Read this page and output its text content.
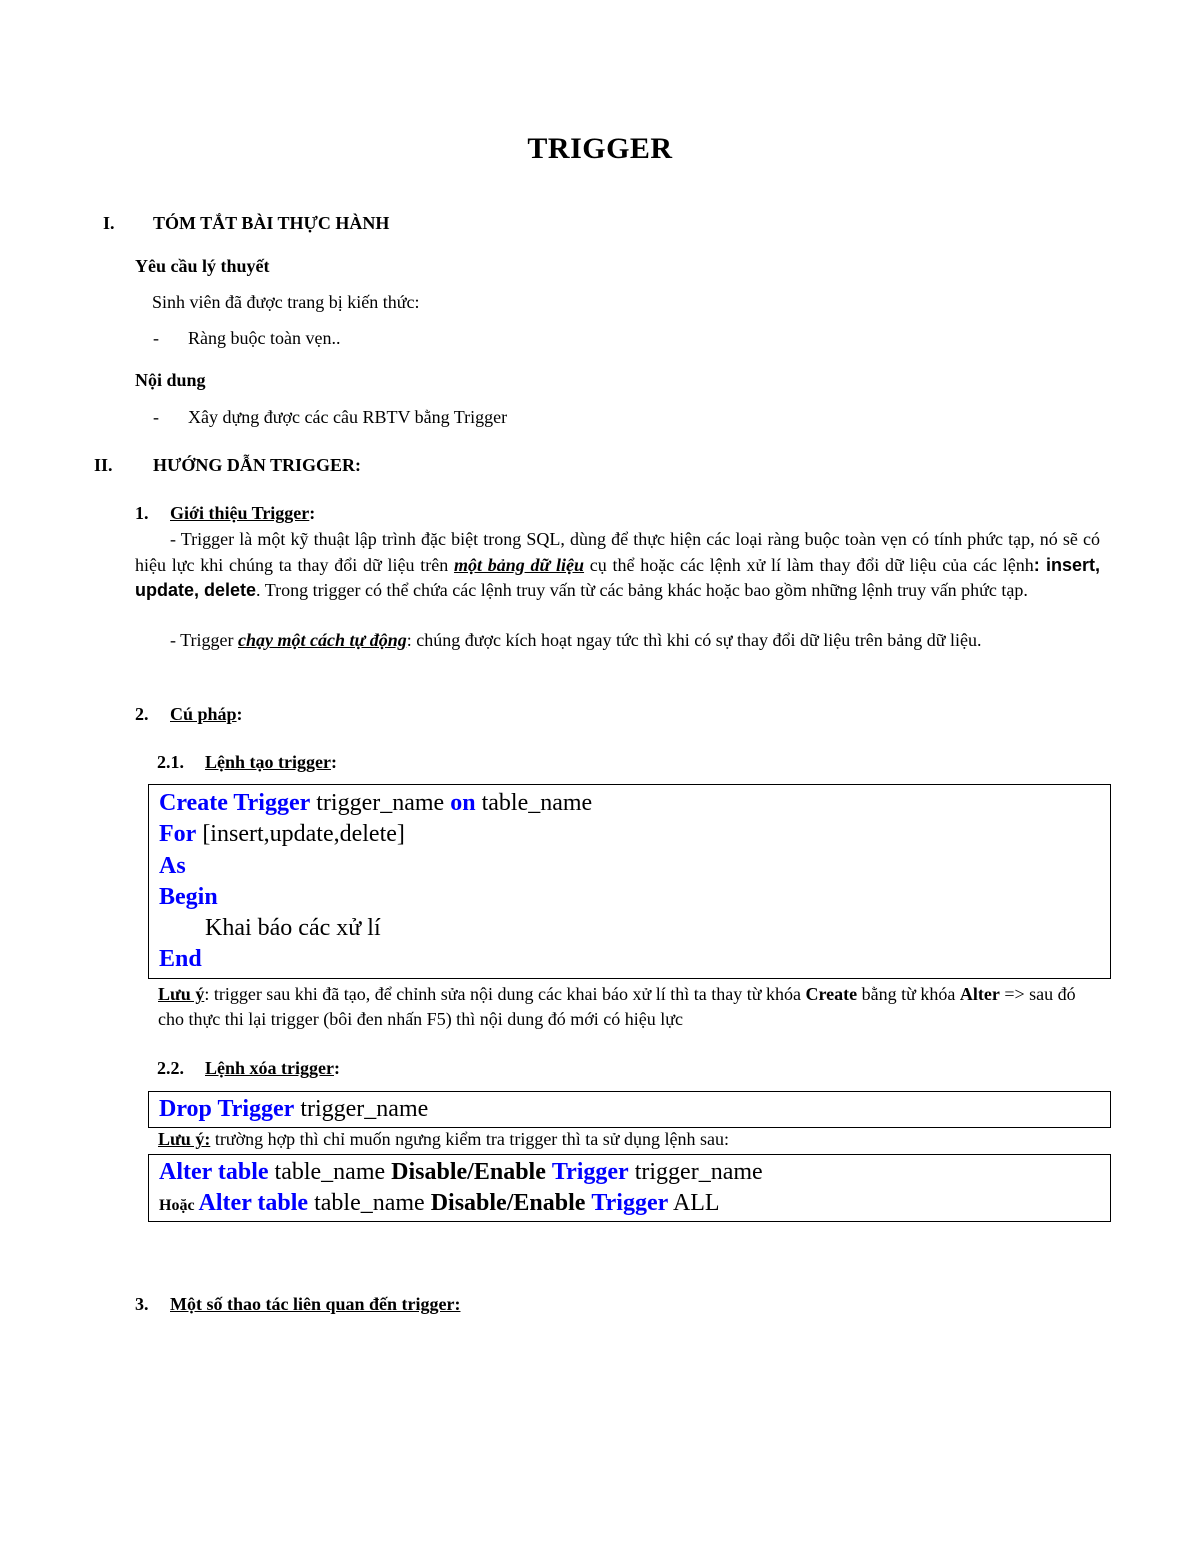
TRIGGER
I. TÓM TẮT BÀI THỰC HÀNH
Yêu cầu lý thuyết
Sinh viên đã được trang bị kiến thức:
- Ràng buộc toàn vẹn..
Nội dung
- Xây dựng được các câu RBTV bằng Trigger
II. HƯỚNG DẪN TRIGGER:
1. Giới thiệu Trigger:
- Trigger là một kỹ thuật lập trình đặc biệt trong SQL, dùng để thực hiện các loại ràng buộc toàn vẹn có tính phức tạp, nó sẽ có hiệu lực khi chúng ta thay đổi dữ liệu trên một bảng dữ liệu cụ thể hoặc các lệnh xử lí làm thay đổi dữ liệu của các lệnh: insert, update, delete. Trong trigger có thể chứa các lệnh truy vấn từ các bảng khác hoặc bao gồm những lệnh truy vấn phức tạp.
- Trigger chạy một cách tự động: chúng được kích hoạt ngay tức thì khi có sự thay đổi dữ liệu trên bảng dữ liệu.
2. Cú pháp:
2.1. Lệnh tạo trigger:
Create Trigger trigger_name on table_name
For [insert,update,delete]
As
Begin
Khai báo các xử lí
End
Lưu ý: trigger sau khi đã tạo, để chỉnh sửa nội dung các khai báo xử lí thì ta thay từ khóa Create bằng từ khóa Alter => sau đó cho thực thi lại trigger (bôi đen nhấn F5) thì nội dung đó mới có hiệu lực
2.2. Lệnh xóa trigger:
Drop Trigger trigger_name
Lưu ý: trường hợp thì chỉ muốn ngưng kiểm tra trigger thì ta sử dụng lệnh sau:
Alter table table_name Disable/Enable Trigger trigger_name
Hoặc Alter table table_name Disable/Enable Trigger ALL
3. Một số thao tác liên quan đến trigger:
